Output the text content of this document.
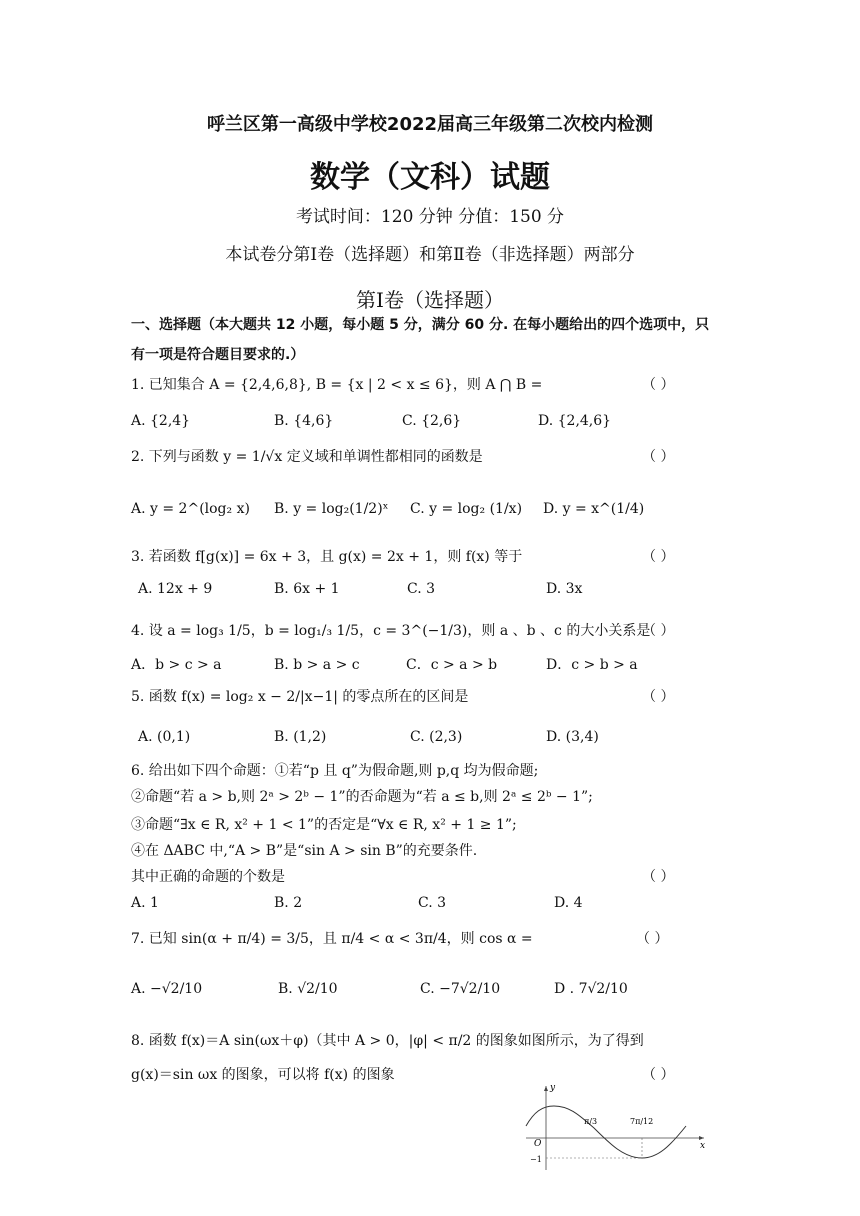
呼兰区第一高级中学校2022届高三年级第二次校内检测
数学（文科）试题
考试时间：120 分钟 分值：150 分
本试卷分第Ⅰ卷（选择题）和第Ⅱ卷（非选择题）两部分
第Ⅰ卷（选择题）
一、选择题（本大题共 12 小题，每小题 5 分，满分 60 分. 在每小题给出的四个选项中，只
有一项是符合题目要求的.）
1. 已知集合 A = {2,4,6,8}, B = {x | 2 < x ≤ 6}，则 A ⋂ B =	（ ）
A. {2,4}	B. {4,6}	C. {2,6}	D. {2,4,6}
2. 下列与函数 y = 1/√x 定义域和单调性都相同的函数是	（ ）
A. y = 2^(log₂ x) B. y = log₂(1/2)ˣ C. y = log₂ (1/x) D. y = x^(1/4)
3. 若函数 f[g(x)] = 6x + 3，且 g(x) = 2x + 1，则 f(x) 等于	（ ）
A. 12x + 9	B. 6x + 1	C. 3	D. 3x
4. 设 a = log₃ 1/5，b = log₁/₃ 1/5，c = 3^(−1/3)，则 a 、b 、c 的大小关系是
（ ）
A．b > c > a	B. b > a > c	C．c > a > b	D．c > b > a
5. 函数 f(x) = log₂ x − 2/|x−1| 的零点所在的区间是	（ ）
A. (0,1)	B. (1,2)	C. (2,3)	D. (3,4)
6. 给出如下四个命题：①若“p 且 q”为假命题,则 p,q 均为假命题;
②命题“若 a > b,则 2ᵃ > 2ᵇ − 1”的否命题为“若 a ≤ b,则 2ᵃ ≤ 2ᵇ − 1”;
③命题“∃x ∈ R, x² + 1 < 1”的否定是“∀x ∈ R, x² + 1 ≥ 1”;
④在 ΔABC 中,“A > B”是“sin A > sin B”的充要条件.
其中正确的命题的个数是	（ ）
A. 1	B. 2	C. 3	D. 4
7. 已知 sin(α + π/4) = 3/5，且 π/4 < α < 3π/4，则 cos α =	（ ）
A. −√2/10	B. √2/10	C. −7√2/10	D . 7√2/10
8. 函数 f(x)＝A sin(ωx＋φ)（其中 A > 0，|φ| < π/2 的图象如图所示，为了得到
g(x)＝sin ωx 的图象，可以将 f(x) 的图象	（ ）
y
x
O
π/3	7π/12
−1
